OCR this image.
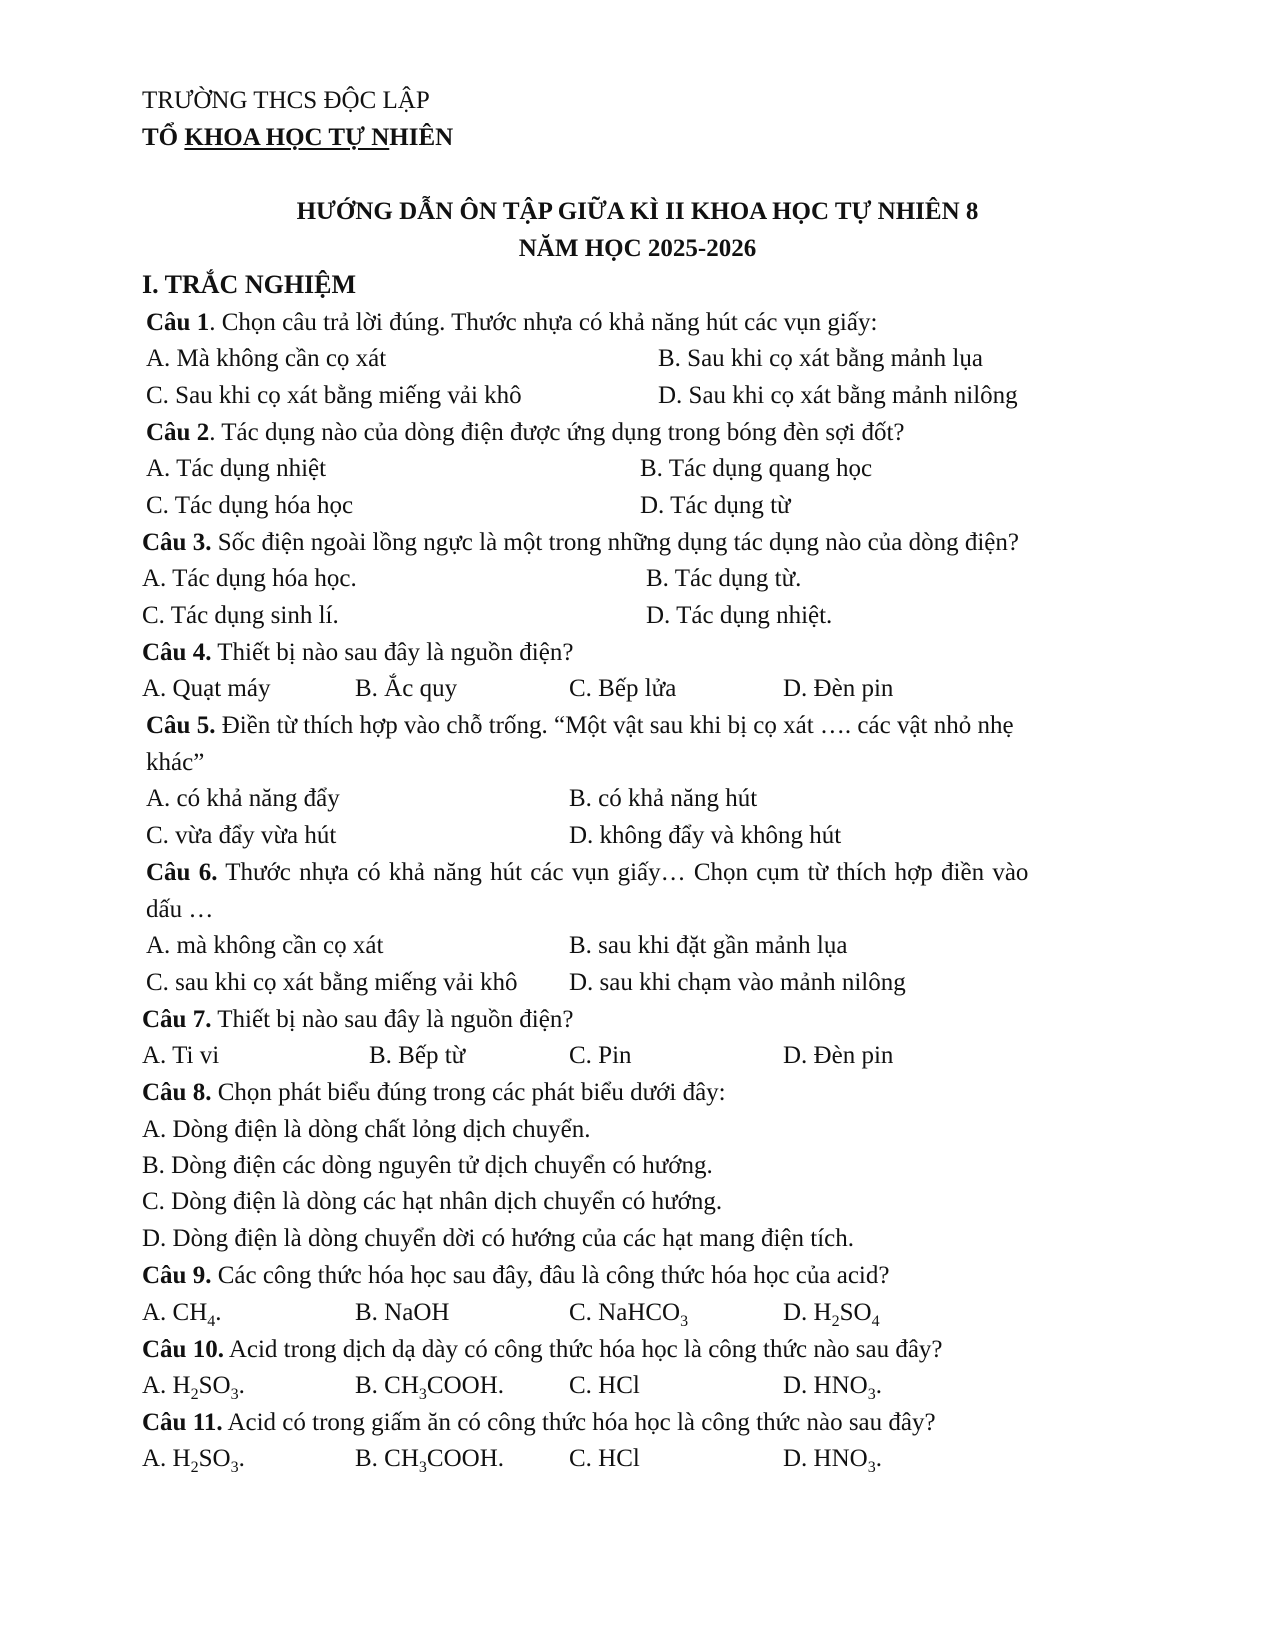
TRƯỜNG THCS ĐỘC LẬP
TỔ KHOA HỌC TỰ NHIÊN
HƯỚNG DẪN ÔN TẬP GIỮA KÌ II KHOA HỌC TỰ NHIÊN 8
NĂM HỌC 2025-2026
I. TRẮC NGHIỆM
Câu 1. Chọn câu trả lời đúng. Thước nhựa có khả năng hút các vụn giấy:
A. Mà không cần cọ xát	B. Sau khi cọ xát bằng mảnh lụa
C. Sau khi cọ xát bằng miếng vải khô	D. Sau khi cọ xát bằng mảnh nilông
Câu 2. Tác dụng nào của dòng điện được ứng dụng trong bóng đèn sợi đốt?
A. Tác dụng nhiệt	B. Tác dụng quang học
C. Tác dụng hóa học	D. Tác dụng từ
Câu 3. Sốc điện ngoài lồng ngực là một trong những dụng tác dụng nào của dòng điện?
A. Tác dụng hóa học.	B. Tác dụng từ.
C. Tác dụng sinh lí.	D. Tác dụng nhiệt.
Câu 4. Thiết bị nào sau đây là nguồn điện?
A. Quạt máy	B. Ắc quy	C. Bếp lửa	D. Đèn pin
Câu 5. Điền từ thích hợp vào chỗ trống. “Một vật sau khi bị cọ xát …. các vật nhỏ nhẹ
khác”
A. có khả năng đẩy	B. có khả năng hút
C. vừa đẩy vừa hút	D. không đẩy và không hút
Câu 6. Thước nhựa có khả năng hút các vụn giấy… Chọn cụm từ thích hợp điền vào
dấu …
A. mà không cần cọ xát	B. sau khi đặt gần mảnh lụa
C. sau khi cọ xát bằng miếng vải khô D. sau khi chạm vào mảnh nilông
Câu 7. Thiết bị nào sau đây là nguồn điện?
A. Ti vi	B. Bếp từ	C. Pin	D. Đèn pin
Câu 8. Chọn phát biểu đúng trong các phát biểu dưới đây:
A. Dòng điện là dòng chất lỏng dịch chuyển.
B. Dòng điện các dòng nguyên tử dịch chuyển có hướng.
C. Dòng điện là dòng các hạt nhân dịch chuyển có hướng.
D. Dòng điện là dòng chuyển dời có hướng của các hạt mang điện tích.
Câu 9. Các công thức hóa học sau đây, đâu là công thức hóa học của acid?
A. $CH_4$.	B. NaOH	C. NaHCO$_3$	D. $H_2SO_4$
Câu 10. Acid trong dịch dạ dày có công thức hóa học là công thức nào sau đây?
A. $H_2SO_3$.	B. $CH_3COOH$.	C. HCl	D. $HNO_3$.
Câu 11. Acid có trong giấm ăn có công thức hóa học là công thức nào sau đây?
A. $H_2SO_3$.	B. $CH_3COOH$.	C. HCl	D. $HNO_3$.
